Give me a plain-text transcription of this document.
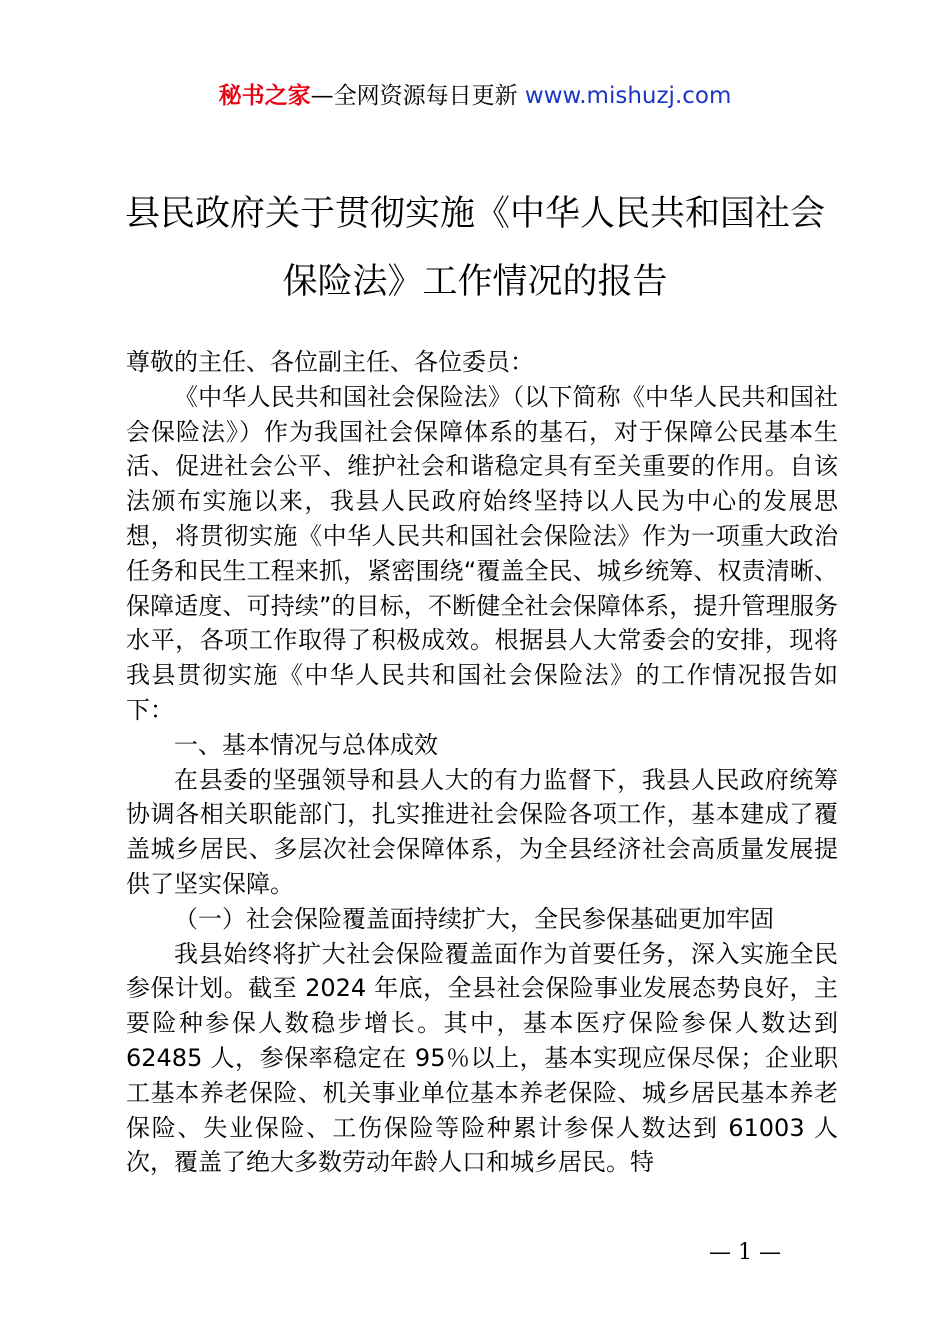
秘书之家—全网资源每日更新 www.mishuzj.com
县民政府关于贯彻实施《中华人民共和国社会
保险法》工作情况的报告

尊敬的主任、各位副主任、各位委员：

《中华人民共和国社会保险法》（以下简称《中华人民共和国社会保险法》）作为我国社会保障体系的基石，对于保障公民基本生活、促进社会公平、维护社会和谐稳定具有至关重要的作用。自该法颁布实施以来，我县人民政府始终坚持以人民为中心的发展思想，将贯彻实施《中华人民共和国社会保险法》作为一项重大政治任务和民生工程来抓，紧密围绕“覆盖全民、城乡统筹、权责清晰、保障适度、可持续”的目标，不断健全社会保障体系，提升管理服务水平，各项工作取得了积极成效。根据县人大常委会的安排，现将我县贯彻实施《中华人民共和国社会保险法》的工作情况报告如下：

一、基本情况与总体成效

在县委的坚强领导和县人大的有力监督下，我县人民政府统筹协调各相关职能部门，扎实推进社会保险各项工作，基本建成了覆盖城乡居民、多层次社会保障体系，为全县经济社会高质量发展提供了坚实保障。

（一）社会保险覆盖面持续扩大，全民参保基础更加牢固

我县始终将扩大社会保险覆盖面作为首要任务，深入实施全民参保计划。截至 2024 年底，全县社会保险事业发展态势良好，主要险种参保人数稳步增长。其中，基本医疗保险参保人数达到 62485 人，参保率稳定在 95％以上，基本实现应保尽保；企业职工基本养老保险、机关事业单位基本养老保险、城乡居民基本养老保险、失业保险、工伤保险等险种累计参保人数达到 61003 人次，覆盖了绝大多数劳动年龄人口和城乡居民。特

— 1 —
